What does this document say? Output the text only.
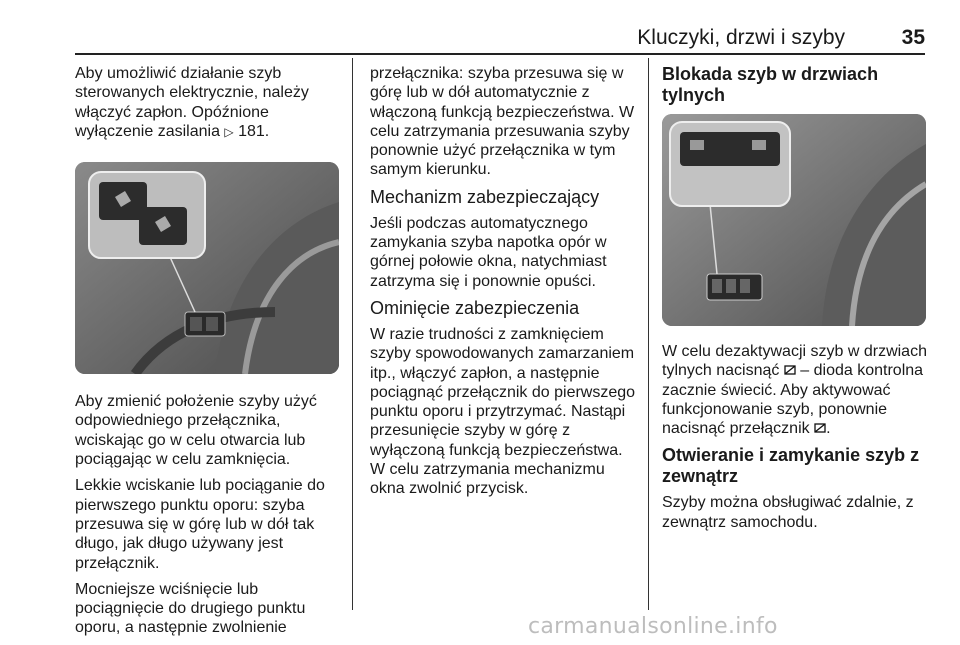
Kluczyki, drzwi i szyby	35

Aby umożliwić działanie szyb sterowanych elektrycznie, należy włączyć zapłon. Opóźnione wyłączenie zasilania ▷ 181.

Aby zmienić położenie szyby użyć odpowiedniego przełącznika, wciskając go w celu otwarcia lub pociągając w celu zamknięcia.

Lekkie wciskanie lub pociąganie do pierwszego punktu oporu: szyba przesuwa się w górę lub w dół tak długo, jak długo używany jest przełącznik.

Mocniejsze wciśnięcie lub pociągnięcie do drugiego punktu oporu, a następnie zwolnienie

przełącznika: szyba przesuwa się w górę lub w dół automatycznie z włączoną funkcją bezpieczeństwa. W celu zatrzymania przesuwania szyby ponownie użyć przełącznika w tym samym kierunku.

Mechanizm zabezpieczający

Jeśli podczas automatycznego zamykania szyba napotka opór w górnej połowie okna, natychmiast zatrzyma się i ponownie opuści.

Ominięcie zabezpieczenia

W razie trudności z zamknięciem szyby spowodowanych zamarzaniem itp., włączyć zapłon, a następnie pociągnąć przełącznik do pierwszego punktu oporu i przytrzymać. Nastąpi przesunięcie szyby w górę z wyłączoną funkcją bezpieczeństwa. W celu zatrzymania mechanizmu okna zwolnić przycisk.

Blokada szyb w drzwiach tylnych

W celu dezaktywacji szyb w drzwiach tylnych nacisnąć  – dioda kontrolna zacznie świecić. Aby aktywować funkcjonowanie szyb, ponownie nacisnąć przełącznik .

Otwieranie i zamykanie szyb z zewnątrz

Szyby można obsługiwać zdalnie, z zewnątrz samochodu.

carmanualsonline.info
